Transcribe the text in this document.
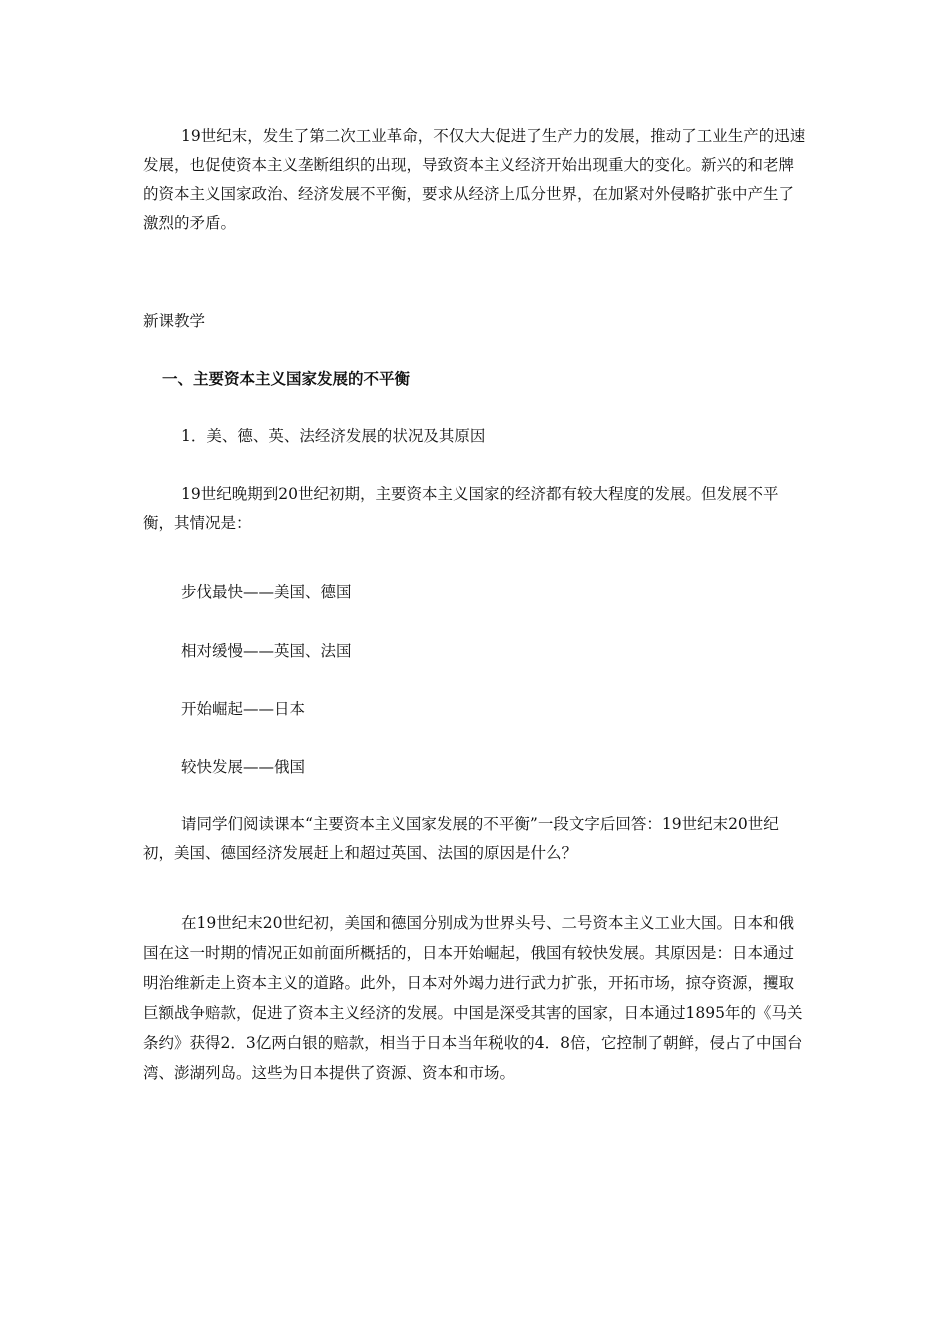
19世纪末，发生了第二次工业革命，不仅大大促进了生产力的发展，推动了工业生产的迅速发展，也促使资本主义垄断组织的出现，导致资本主义经济开始出现重大的变化。新兴的和老牌的资本主义国家政治、经济发展不平衡，要求从经济上瓜分世界，在加紧对外侵略扩张中产生了激烈的矛盾。

新课教学

一、主要资本主义国家发展的不平衡

1．美、德、英、法经济发展的状况及其原因

19世纪晚期到20世纪初期，主要资本主义国家的经济都有较大程度的发展。但发展不平衡，其情况是：

步伐最快——美国、德国

相对缓慢——英国、法国

开始崛起——日本

较快发展——俄国

请同学们阅读课本“主要资本主义国家发展的不平衡”一段文字后回答：19世纪末20世纪初，美国、德国经济发展赶上和超过英国、法国的原因是什么？

在19世纪末20世纪初，美国和德国分别成为世界头号、二号资本主义工业大国。日本和俄国在这一时期的情况正如前面所概括的，日本开始崛起，俄国有较快发展。其原因是：日本通过明治维新走上资本主义的道路。此外，日本对外竭力进行武力扩张，开拓市场，掠夺资源，攫取巨额战争赔款，促进了资本主义经济的发展。中国是深受其害的国家，日本通过1895年的《马关条约》获得2．3亿两白银的赔款，相当于日本当年税收的4．8倍，它控制了朝鲜，侵占了中国台湾、澎湖列岛。这些为日本提供了资源、资本和市场。
